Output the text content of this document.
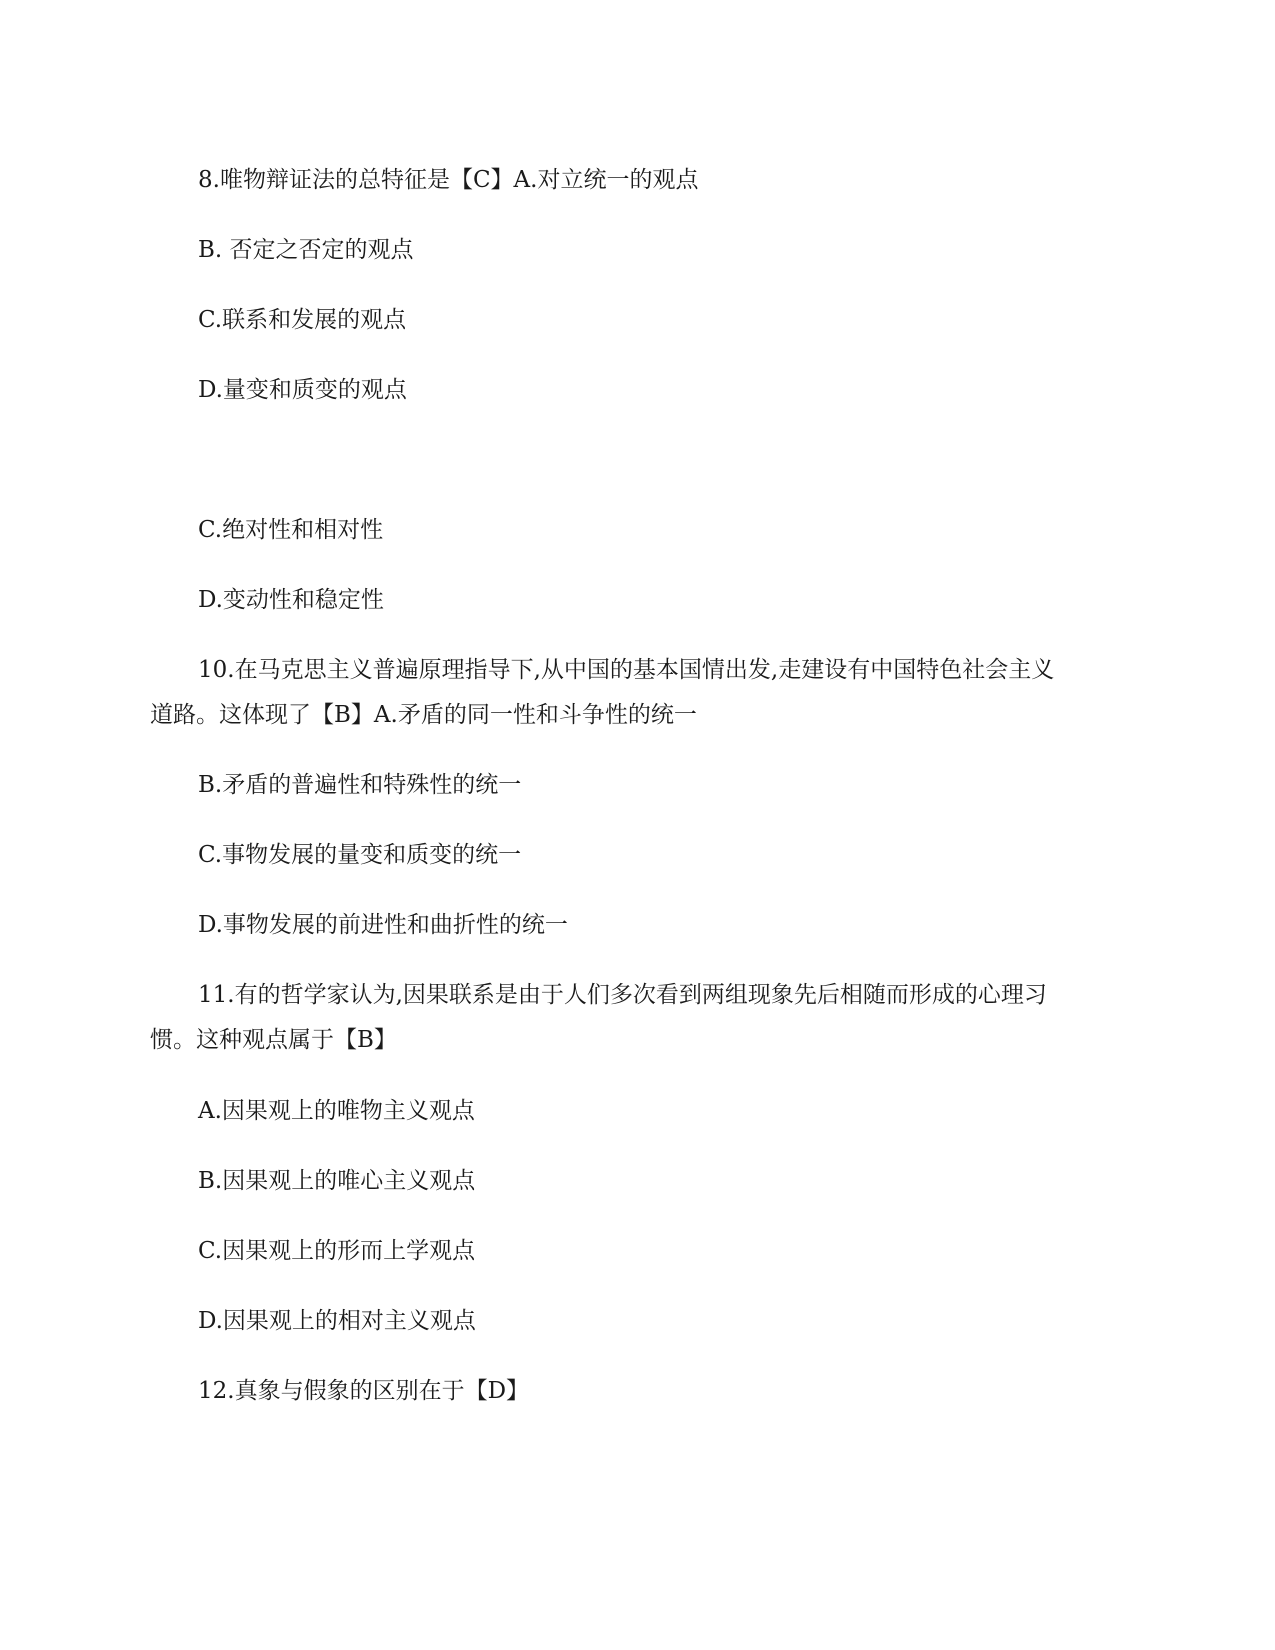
8.唯物辩证法的总特征是【C】A.对立统一的观点

B. 否定之否定的观点

C.联系和发展的观点

D.量变和质变的观点

C.绝对性和相对性

D.变动性和稳定性

10.在马克思主义普遍原理指导下,从中国的基本国情出发,走建设有中国特色社会主义

道路。这体现了【B】A.矛盾的同一性和斗争性的统一

B.矛盾的普遍性和特殊性的统一

C.事物发展的量变和质变的统一

D.事物发展的前进性和曲折性的统一

11.有的哲学家认为,因果联系是由于人们多次看到两组现象先后相随而形成的心理习

惯。这种观点属于【B】

A.因果观上的唯物主义观点

B.因果观上的唯心主义观点

C.因果观上的形而上学观点

D.因果观上的相对主义观点

12.真象与假象的区别在于【D】
